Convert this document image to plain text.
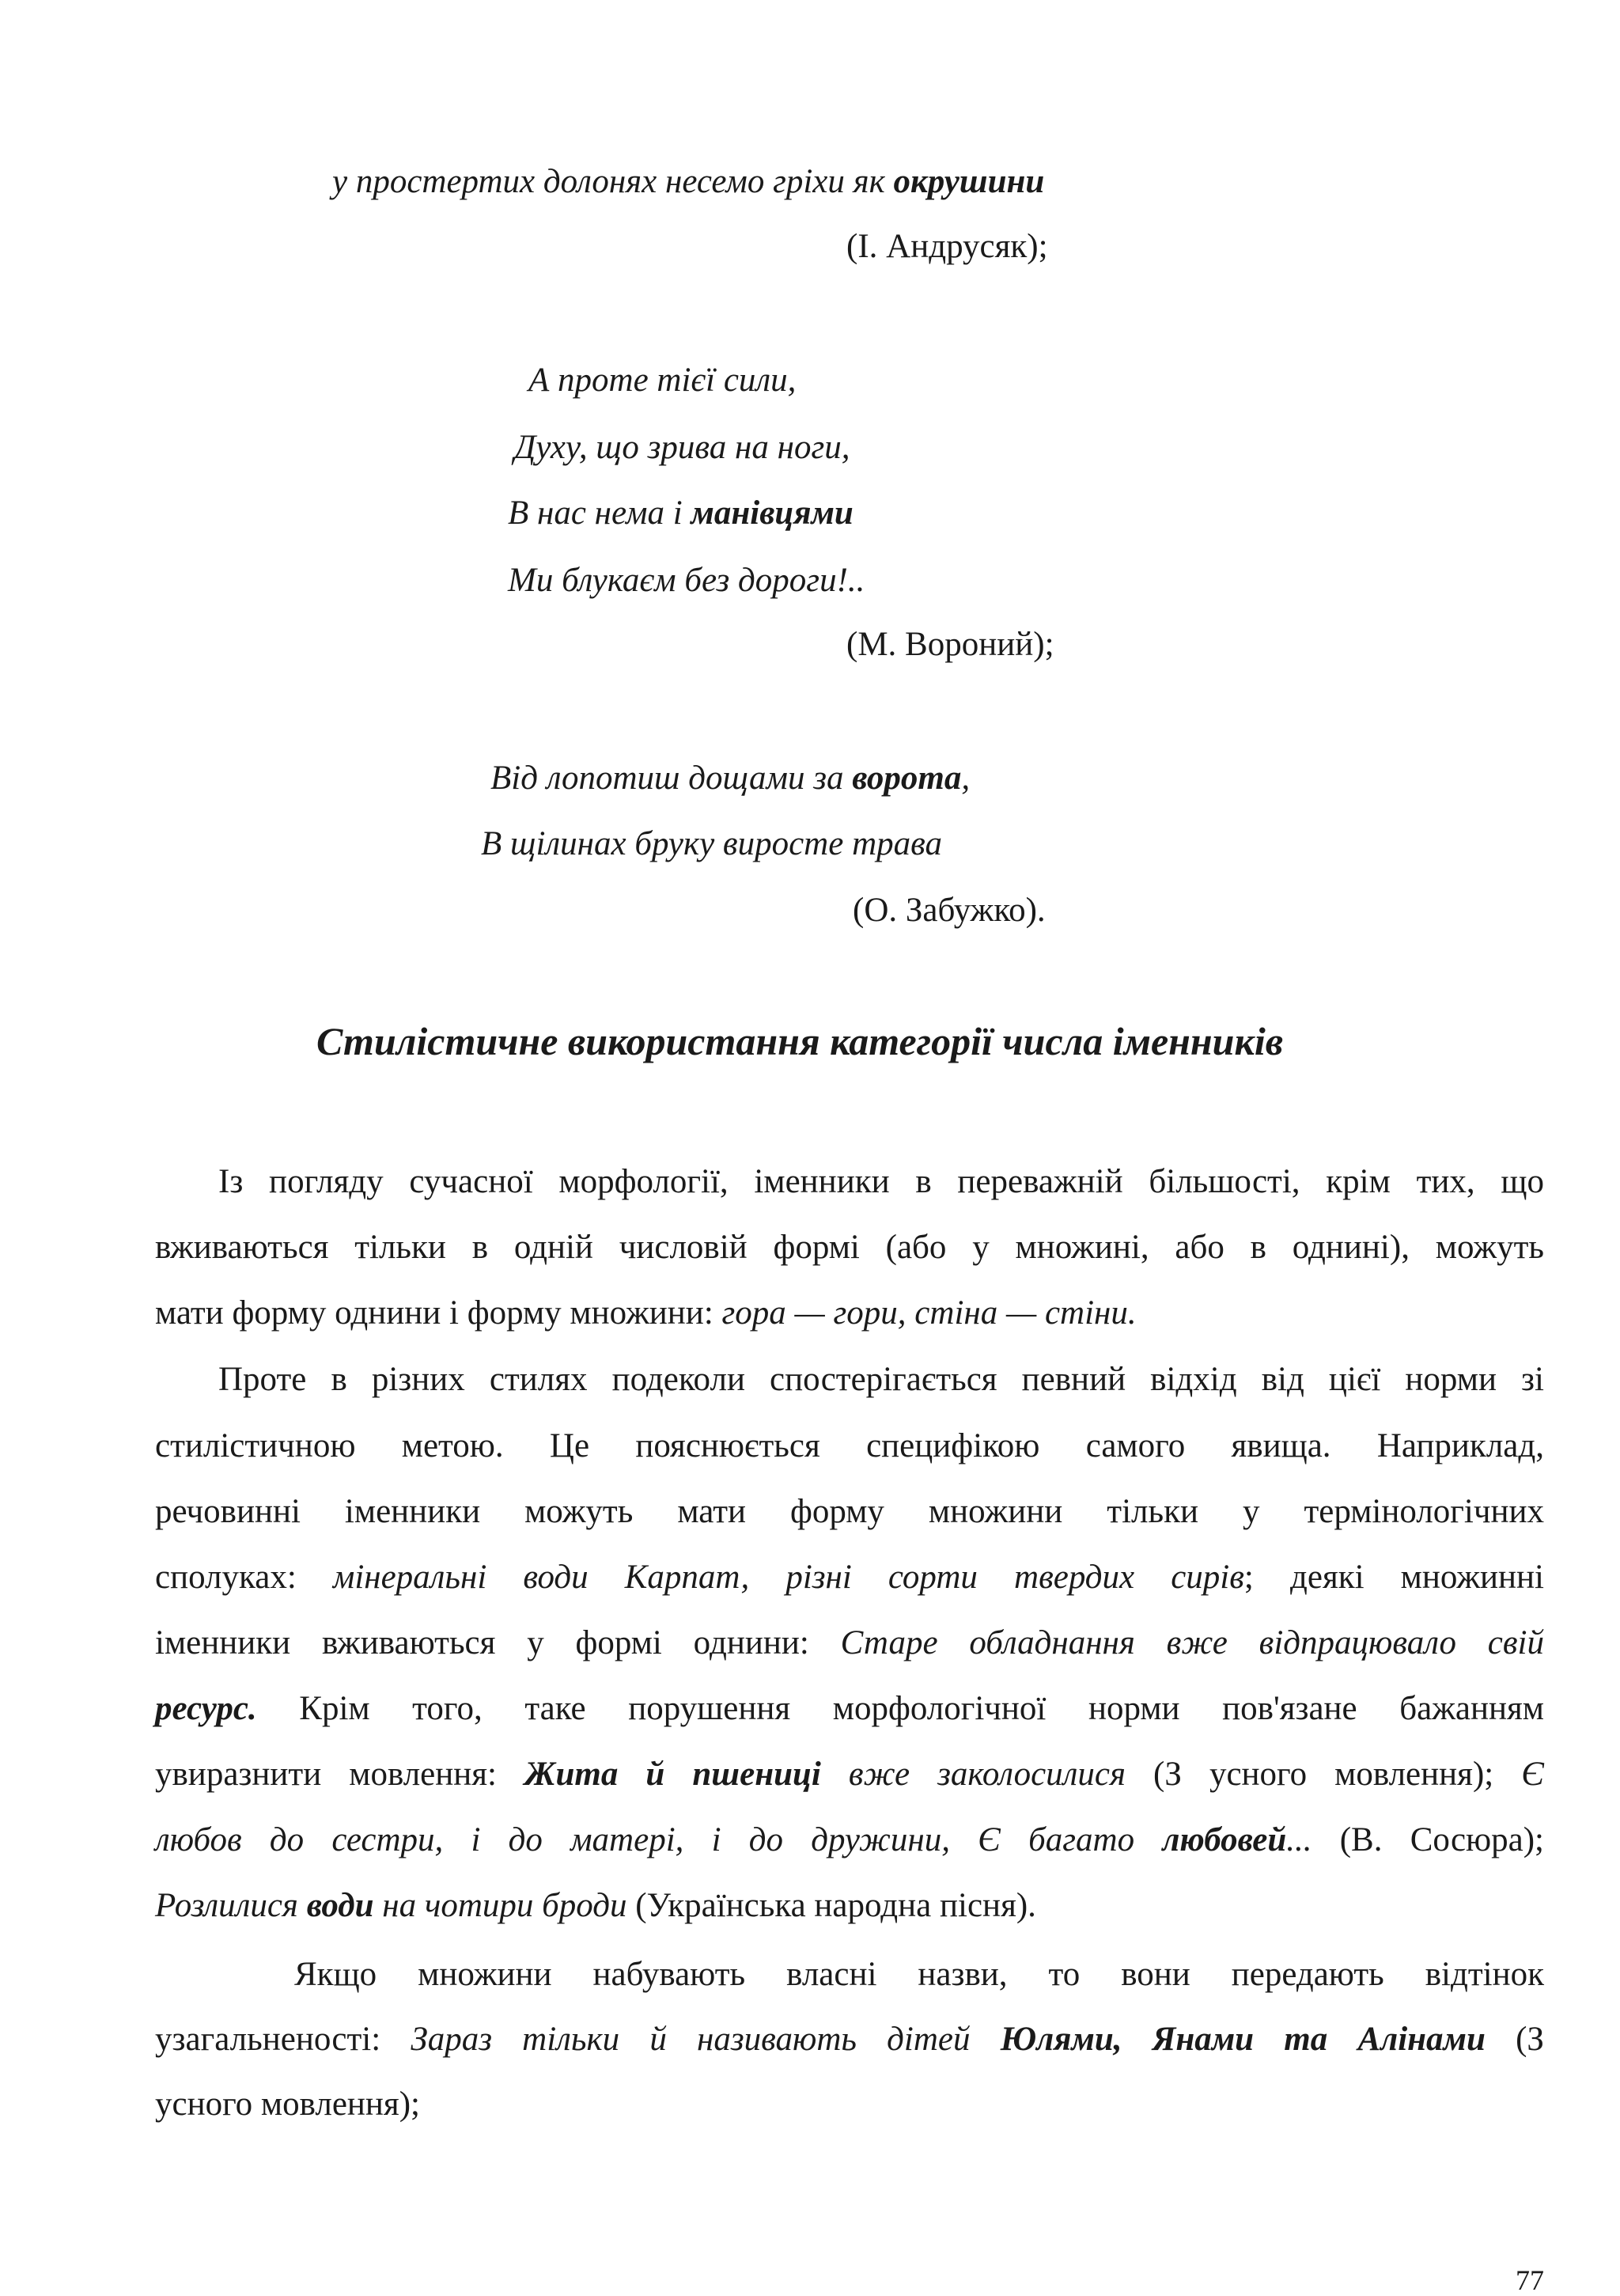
у простертих долонях несемо гріхи як окрушини
(І. Андрусяк);
А проте тієї сили,
Духу, що зрива на ноги,
В нас нема і манівцями
Ми блукаєм без дороги!..
(М. Вороний);
Від лопотиш дощами за ворота,
В щілинах бруку виросте трава
(О. Забужко).
Стилістичне використання категорії числа іменників
Із погляду сучасної морфології, іменники в переважній більшості, крім тих, що
вживаються тільки в одній числовій формі (або у множині, або в однині), можуть
мати форму однини і форму множини: гора — гори, стіна — стіни.
Проте в різних стилях подеколи спостерігається певний відхід від цієї норми зі
стилістичною метою. Це пояснюється специфікою самого явища. Наприклад,
речовинні іменники можуть мати форму множини тільки у термінологічних
сполуках: мінеральні води Карпат, різні сорти твердих сирів; деякі множинні
іменники вживаються у формі однини: Старе обладнання вже відпрацювало свій
ресурс. Крім того, таке порушення морфологічної норми пов'язане бажанням
увиразнити мовлення: Жита й пшениці вже заколосилися (З усного мовлення); Є
любов до сестри, і до матері, і до дружини, Є багато любовей... (В. Сосюра);
Розлилися води на чотири броди (Українська народна пісня).
Якщо множини набувають власні назви, то вони передають відтінок
узагальненості: Зараз тільки й називають дітей Юлями, Янами та Алінами (З
усного мовлення);
77
